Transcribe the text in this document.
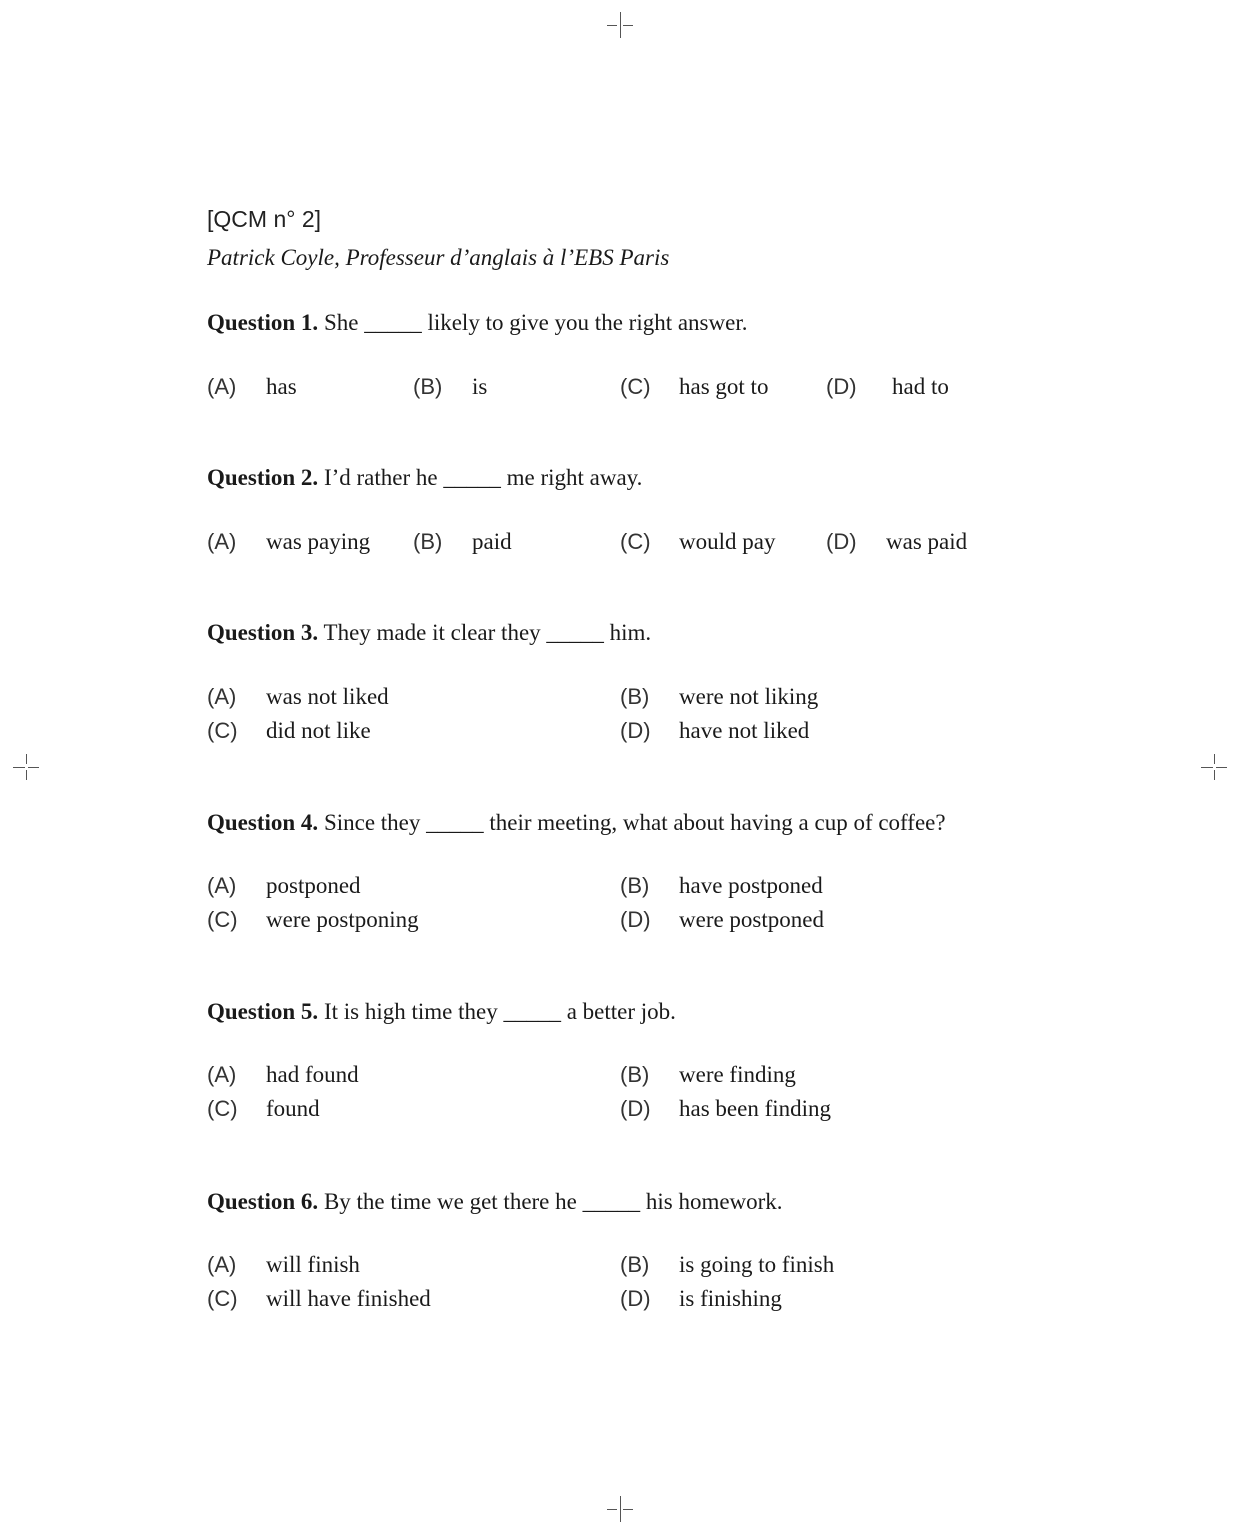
[QCM n° 2]

Patrick Coyle, Professeur d’anglais à l’EBS Paris

Question 1. She _____ likely to give you the right answer.

(A) has	(B) is	(C) has got to	(D) had to

Question 2. I’d rather he _____ me right away.

(A) was paying (B) paid	(C) would pay (D) was paid

Question 3. They made it clear they _____ him.

(A) was not liked	(B) were not liking
(C) did not like	(D) have not liked

Question 4. Since they _____ their meeting, what about having a cup of coffee?

(A) postponed	(B) have postponed
(C) were postponing	(D) were postponed

Question 5. It is high time they _____ a better job.

(A) had found	(B) were finding
(C) found	(D) has been finding

Question 6. By the time we get there he _____ his homework.

(A) will finish	(B) is going to finish
(C) will have finished	(D) is finishing
